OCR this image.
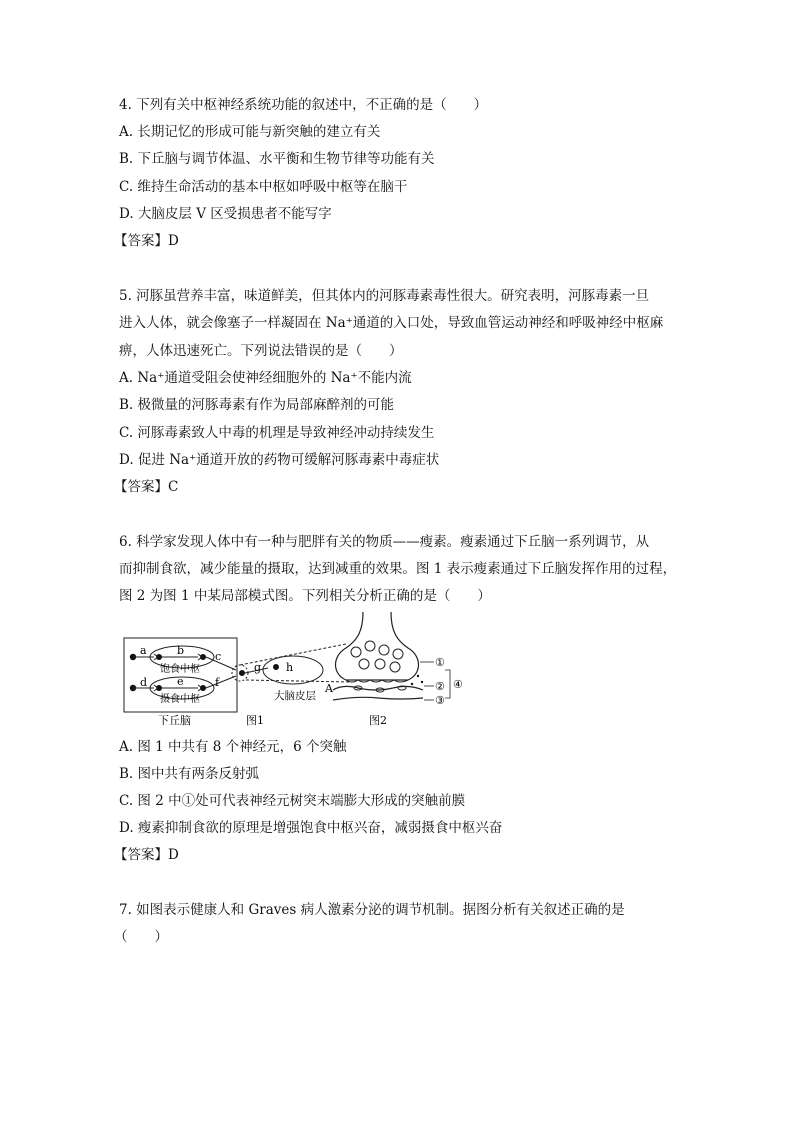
4. 下列有关中枢神经系统功能的叙述中，不正确的是（　　）
A. 长期记忆的形成可能与新突触的建立有关
B. 下丘脑与调节体温、水平衡和生物节律等功能有关
C. 维持生命活动的基本中枢如呼吸中枢等在脑干
D. 大脑皮层 V 区受损患者不能写字
【答案】D
5. 河豚虽营养丰富，味道鲜美，但其体内的河豚毒素毒性很大。研究表明，河豚毒素一旦
进入人体，就会像塞子一样凝固在 Na⁺通道的入口处，导致血管运动神经和呼吸神经中枢麻
痹，人体迅速死亡。下列说法错误的是（　　）
A. Na⁺通道受阻会使神经细胞外的 Na⁺不能内流
B. 极微量的河豚毒素有作为局部麻醉剂的可能
C. 河豚毒素致人中毒的机理是导致神经冲动持续发生
D. 促进 Na⁺通道开放的药物可缓解河豚毒素中毒症状
【答案】C
6. 科学家发现人体中有一种与肥胖有关的物质——瘦素。瘦素通过下丘脑一系列调节，从
而抑制食欲，减少能量的摄取，达到减重的效果。图 1 表示瘦素通过下丘脑发挥作用的过程，
图 2 为图 1 中某局部模式图。下列相关分析正确的是（　　）
a	b	c
d	e	f
g h
A
饱食中枢
摄食中枢	大脑皮层
下丘脑	图1	图2
①
②
③
④
A. 图 1 中共有 8 个神经元，6 个突触
B. 图中共有两条反射弧
C. 图 2 中①处可代表神经元树突末端膨大形成的突触前膜
D. 瘦素抑制食欲的原理是增强饱食中枢兴奋，减弱摄食中枢兴奋
【答案】D
7. 如图表示健康人和 Graves 病人激素分泌的调节机制。据图分析有关叙述正确的是
（　　）
